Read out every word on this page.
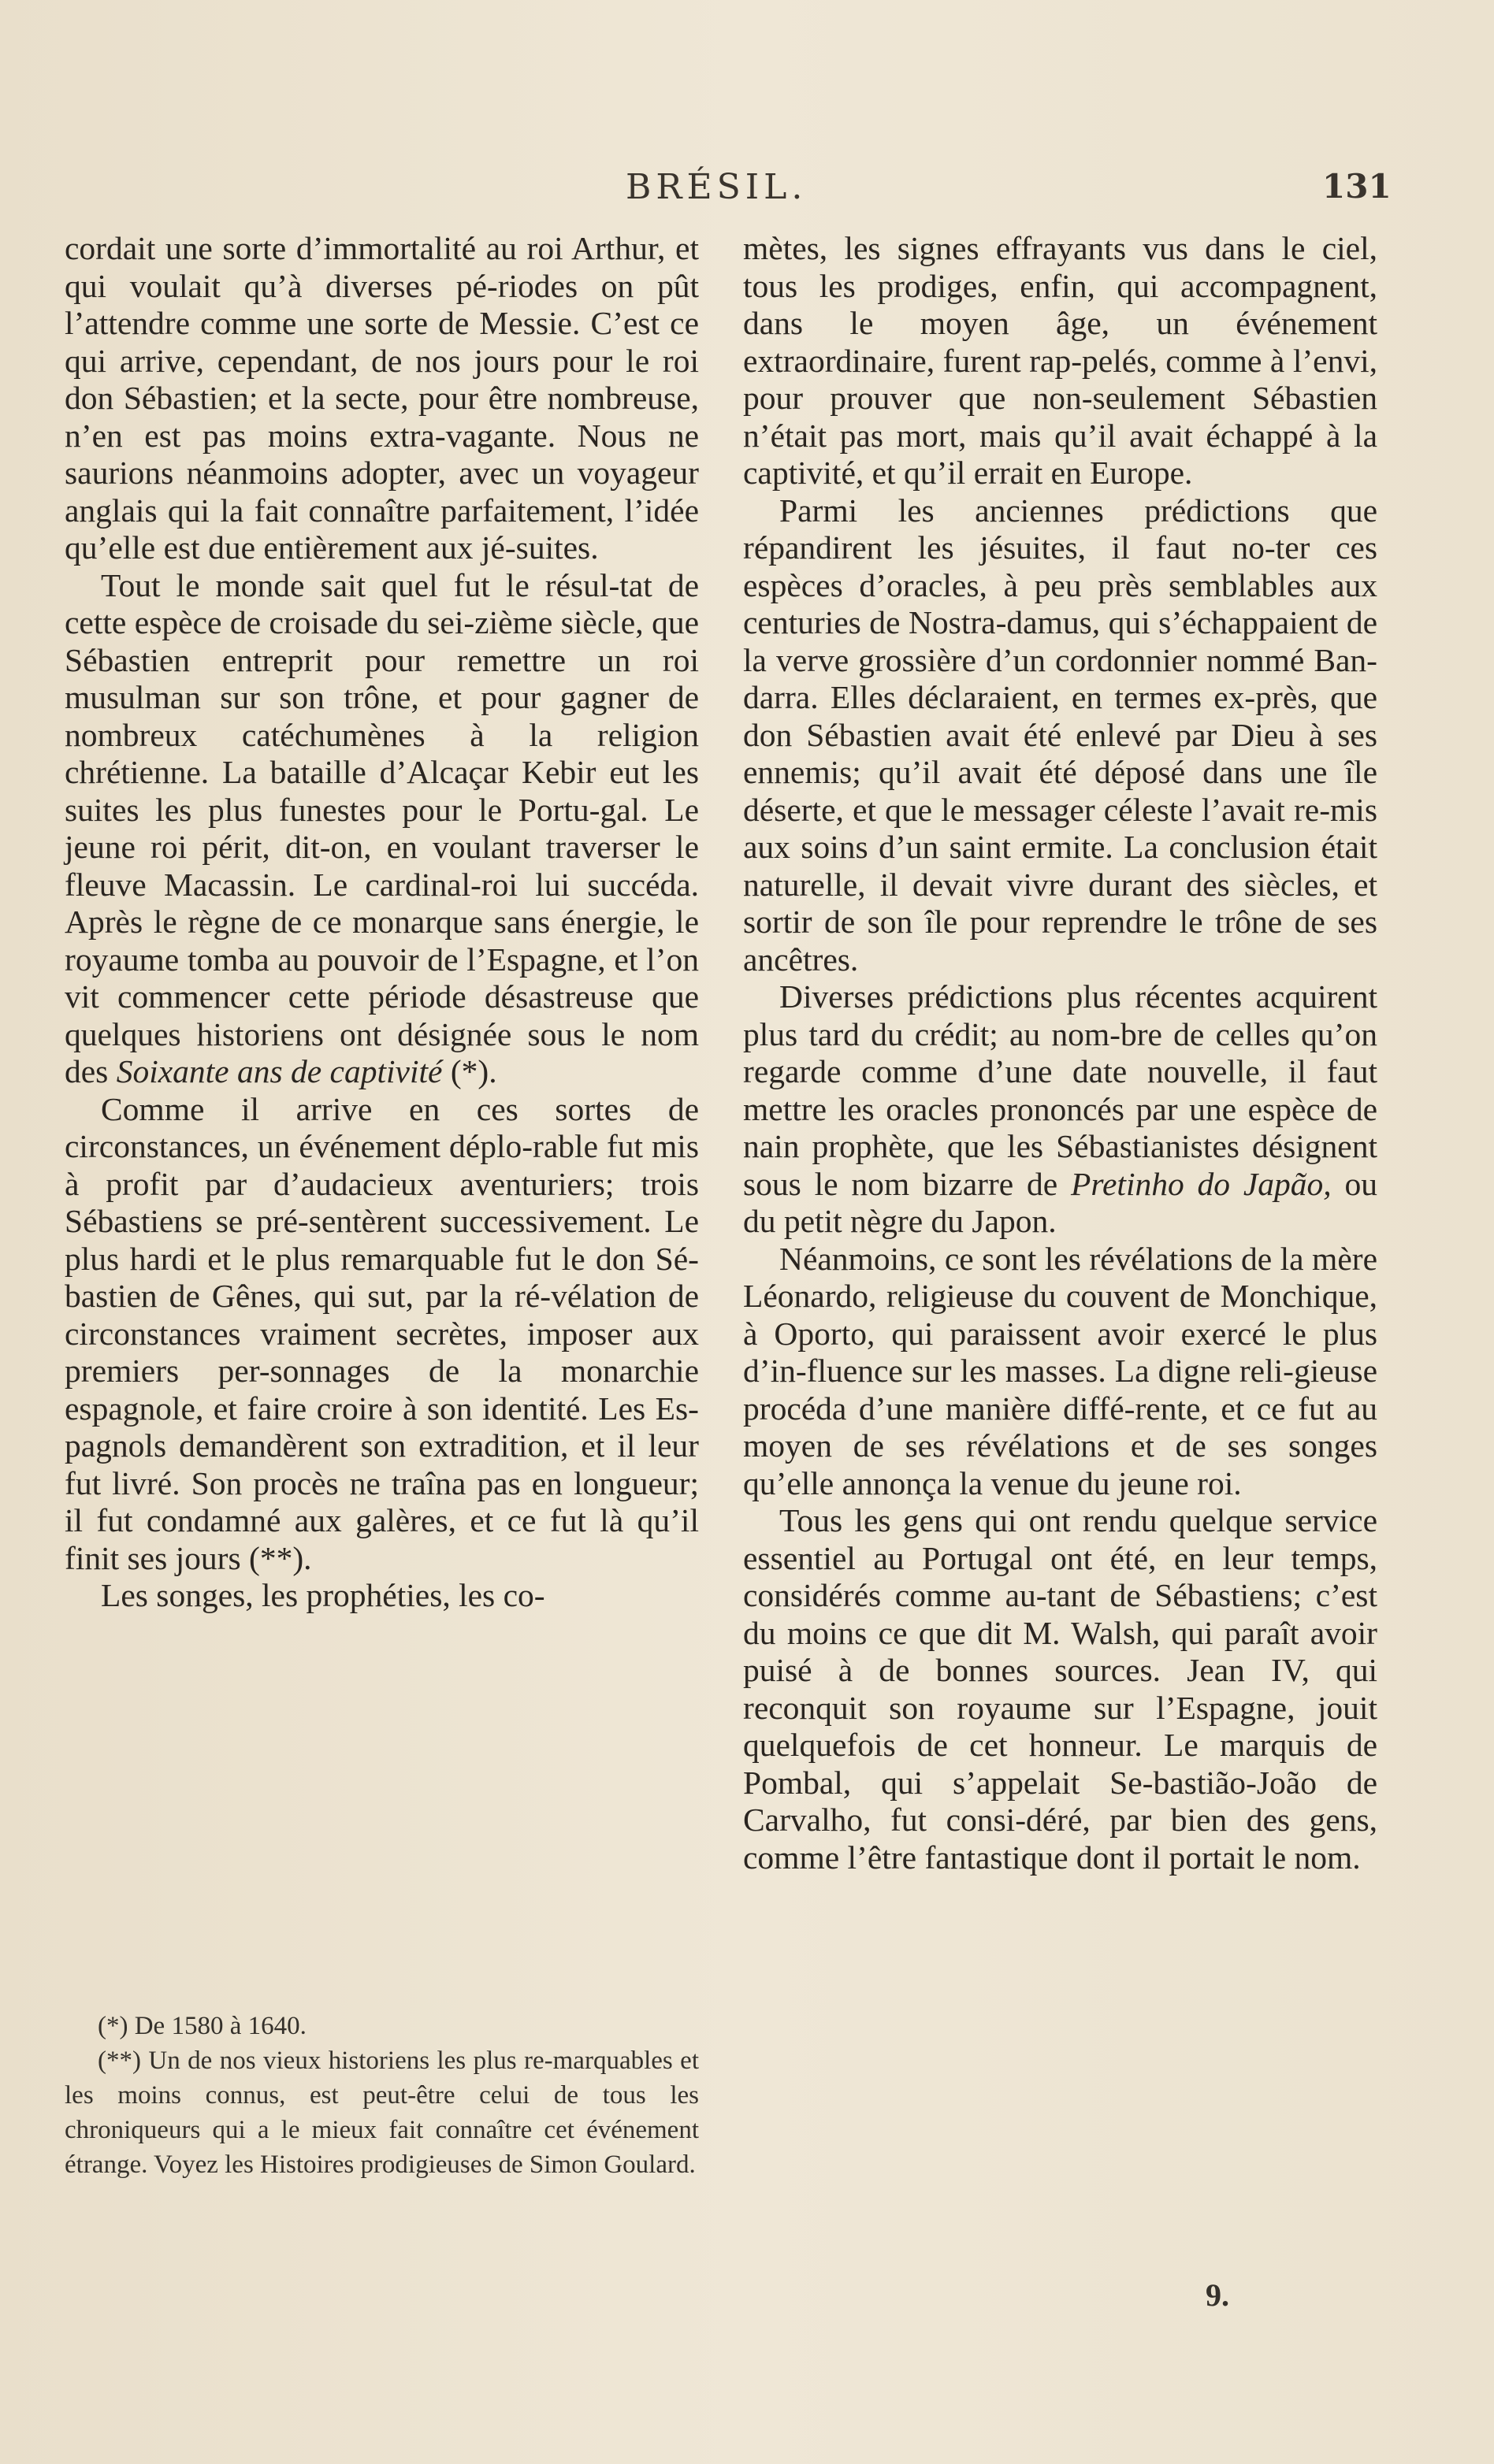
BRÉSIL.	131

cordait une sorte d’immortalité au roi Arthur, et qui voulait qu’à diverses pé-riodes on pût l’attendre comme une sorte de Messie. C’est ce qui arrive, cependant, de nos jours pour le roi don Sébastien; et la secte, pour être nombreuse, n’en est pas moins extra-vagante. Nous ne saurions néanmoins adopter, avec un voyageur anglais qui la fait connaître parfaitement, l’idée qu’elle est due entièrement aux jé-suites.

Tout le monde sait quel fut le résul-tat de cette espèce de croisade du sei-zième siècle, que Sébastien entreprit pour remettre un roi musulman sur son trône, et pour gagner de nombreux catéchumènes à la religion chrétienne. La bataille d’Alcaçar Kebir eut les suites les plus funestes pour le Portu-gal. Le jeune roi périt, dit-on, en voulant traverser le fleuve Macassin. Le cardinal-roi lui succéda. Après le règne de ce monarque sans énergie, le royaume tomba au pouvoir de l’Espagne, et l’on vit commencer cette période désastreuse que quelques historiens ont désignée sous le nom des Soixante ans de captivité (*).

Comme il arrive en ces sortes de circonstances, un événement déplo-rable fut mis à profit par d’audacieux aventuriers; trois Sébastiens se pré-sentèrent successivement. Le plus hardi et le plus remarquable fut le don Sé-bastien de Gênes, qui sut, par la ré-vélation de circonstances vraiment secrètes, imposer aux premiers per-sonnages de la monarchie espagnole, et faire croire à son identité. Les Es-pagnols demandèrent son extradition, et il leur fut livré. Son procès ne traîna pas en longueur; il fut condamné aux galères, et ce fut là qu’il finit ses jours (**).

Les songes, les prophéties, les co-

(*) De 1580 à 1640.

(**) Un de nos vieux historiens les plus re-marquables et les moins connus, est peut-être celui de tous les chroniqueurs qui a le mieux fait connaître cet événement étrange. Voyez les Histoires prodigieuses de Simon Goulard.

mètes, les signes effrayants vus dans le ciel, tous les prodiges, enfin, qui accompagnent, dans le moyen âge, un événement extraordinaire, furent rap-pelés, comme à l’envi, pour prouver que non-seulement Sébastien n’était pas mort, mais qu’il avait échappé à la captivité, et qu’il errait en Europe.

Parmi les anciennes prédictions que répandirent les jésuites, il faut no-ter ces espèces d’oracles, à peu près semblables aux centuries de Nostra-damus, qui s’échappaient de la verve grossière d’un cordonnier nommé Ban-darra. Elles déclaraient, en termes ex-près, que don Sébastien avait été enlevé par Dieu à ses ennemis; qu’il avait été déposé dans une île déserte, et que le messager céleste l’avait re-mis aux soins d’un saint ermite. La conclusion était naturelle, il devait vivre durant des siècles, et sortir de son île pour reprendre le trône de ses ancêtres.

Diverses prédictions plus récentes acquirent plus tard du crédit; au nom-bre de celles qu’on regarde comme d’une date nouvelle, il faut mettre les oracles prononcés par une espèce de nain prophète, que les Sébastianistes désignent sous le nom bizarre de Pretinho do Japão, ou du petit nègre du Japon.

Néanmoins, ce sont les révélations de la mère Léonardo, religieuse du couvent de Monchique, à Oporto, qui paraissent avoir exercé le plus d’in-fluence sur les masses. La digne reli-gieuse procéda d’une manière diffé-rente, et ce fut au moyen de ses révélations et de ses songes qu’elle annonça la venue du jeune roi.

Tous les gens qui ont rendu quelque service essentiel au Portugal ont été, en leur temps, considérés comme au-tant de Sébastiens; c’est du moins ce que dit M. Walsh, qui paraît avoir puisé à de bonnes sources. Jean IV, qui reconquit son royaume sur l’Espagne, jouit quelquefois de cet honneur. Le marquis de Pombal, qui s’appelait Se-bastião-João de Carvalho, fut consi-déré, par bien des gens, comme l’être fantastique dont il portait le nom.

9.
